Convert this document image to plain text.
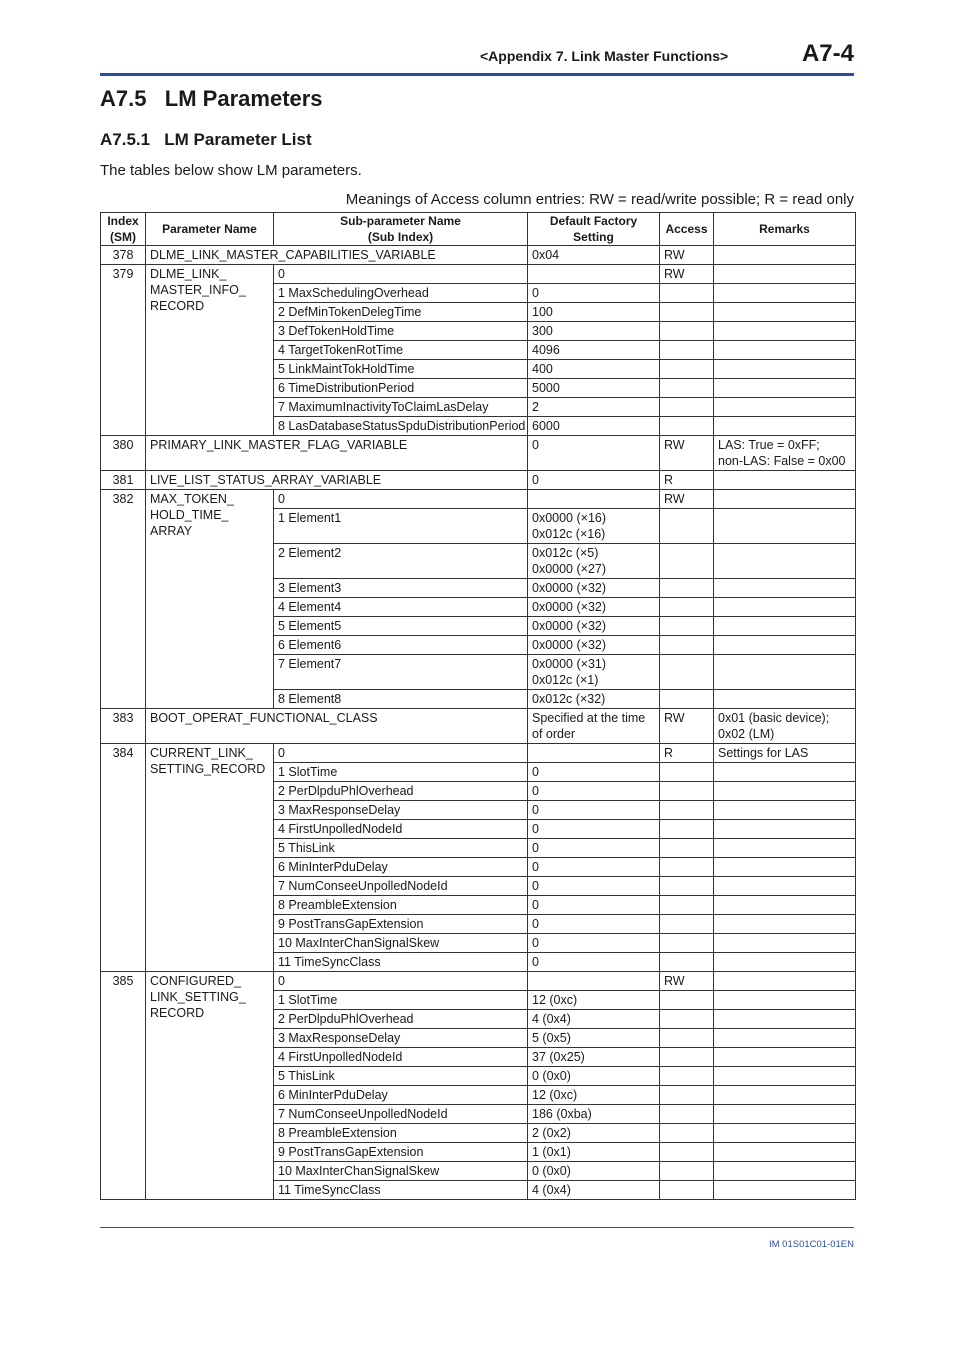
<Appendix 7. Link Master Functions>	A7-4
A7.5   LM Parameters
A7.5.1   LM Parameter List
The tables below show LM parameters.
Meanings of Access column entries: RW = read/write possible; R = read only
Index (SM)	Parameter Name	Sub-parameter Name
(Sub Index)	Default Factory Setting	Access	Remarks
378	DLME_LINK_MASTER_CAPABILITIES_VARIABLE		0x04	RW	
379	DLME_LINK_
MASTER_INFO_
RECORD	0		RW	
		1 MaxSchedulingOverhead	0		
		2 DefMinTokenDelegTime	100		
		3 DefTokenHoldTime	300		
		4 TargetTokenRotTime	4096		
		5 LinkMaintTokHoldTime	400		
		6 TimeDistributionPeriod	5000		
		7 MaximumInactivityToClaimLasDelay	2		
		8 LasDatabaseStatusSpduDistributionPeriod	6000		
380	PRIMARY_LINK_MASTER_FLAG_VARIABLE		0	RW	LAS: True = 0xFF;
non-LAS: False = 0x00
381	LIVE_LIST_STATUS_ARRAY_VARIABLE		0	R	
382	MAX_TOKEN_
HOLD_TIME_
ARRAY	0		RW	
		1 Element1	0x0000 (×16)
0x012c (×16)		
		2 Element2	0x012c (×5)
0x0000 (×27)		
		3 Element3	0x0000 (×32)		
		4 Element4	0x0000 (×32)		
		5 Element5	0x0000 (×32)		
		6 Element6	0x0000 (×32)		
		7 Element7	0x0000 (×31)
0x012c (×1)		
		8 Element8	0x012c (×32)		
383	BOOT_OPERAT_FUNCTIONAL_CLASS		Specified at the time
of order	RW	0x01 (basic device);
0x02 (LM)
384	CURRENT_LINK_
SETTING_RECORD	0		R	Settings for LAS
		1 SlotTime	0		
		2 PerDlpduPhlOverhead	0		
		3 MaxResponseDelay	0		
		4 FirstUnpolledNodeId	0		
		5 ThisLink	0		
		6 MinInterPduDelay	0		
		7 NumConseeUnpolledNodeId	0		
		8 PreambleExtension	0		
		9 PostTransGapExtension	0		
		10 MaxInterChanSignalSkew	0		
		11 TimeSyncClass	0		
385	CONFIGURED_
LINK_SETTING_
RECORD	0		RW	
		1 SlotTime	12 (0xc)		
		2 PerDlpduPhlOverhead	4 (0x4)		
		3 MaxResponseDelay	5 (0x5)		
		4 FirstUnpolledNodeId	37 (0x25)		
		5 ThisLink	0 (0x0)		
		6 MinInterPduDelay	12 (0xc)		
		7 NumConseeUnpolledNodeId	186 (0xba)		
		8 PreambleExtension	2 (0x2)		
		9 PostTransGapExtension	1 (0x1)		
		10 MaxInterChanSignalSkew	0 (0x0)		
		11 TimeSyncClass	4 (0x4)		
IM 01S01C01-01EN
